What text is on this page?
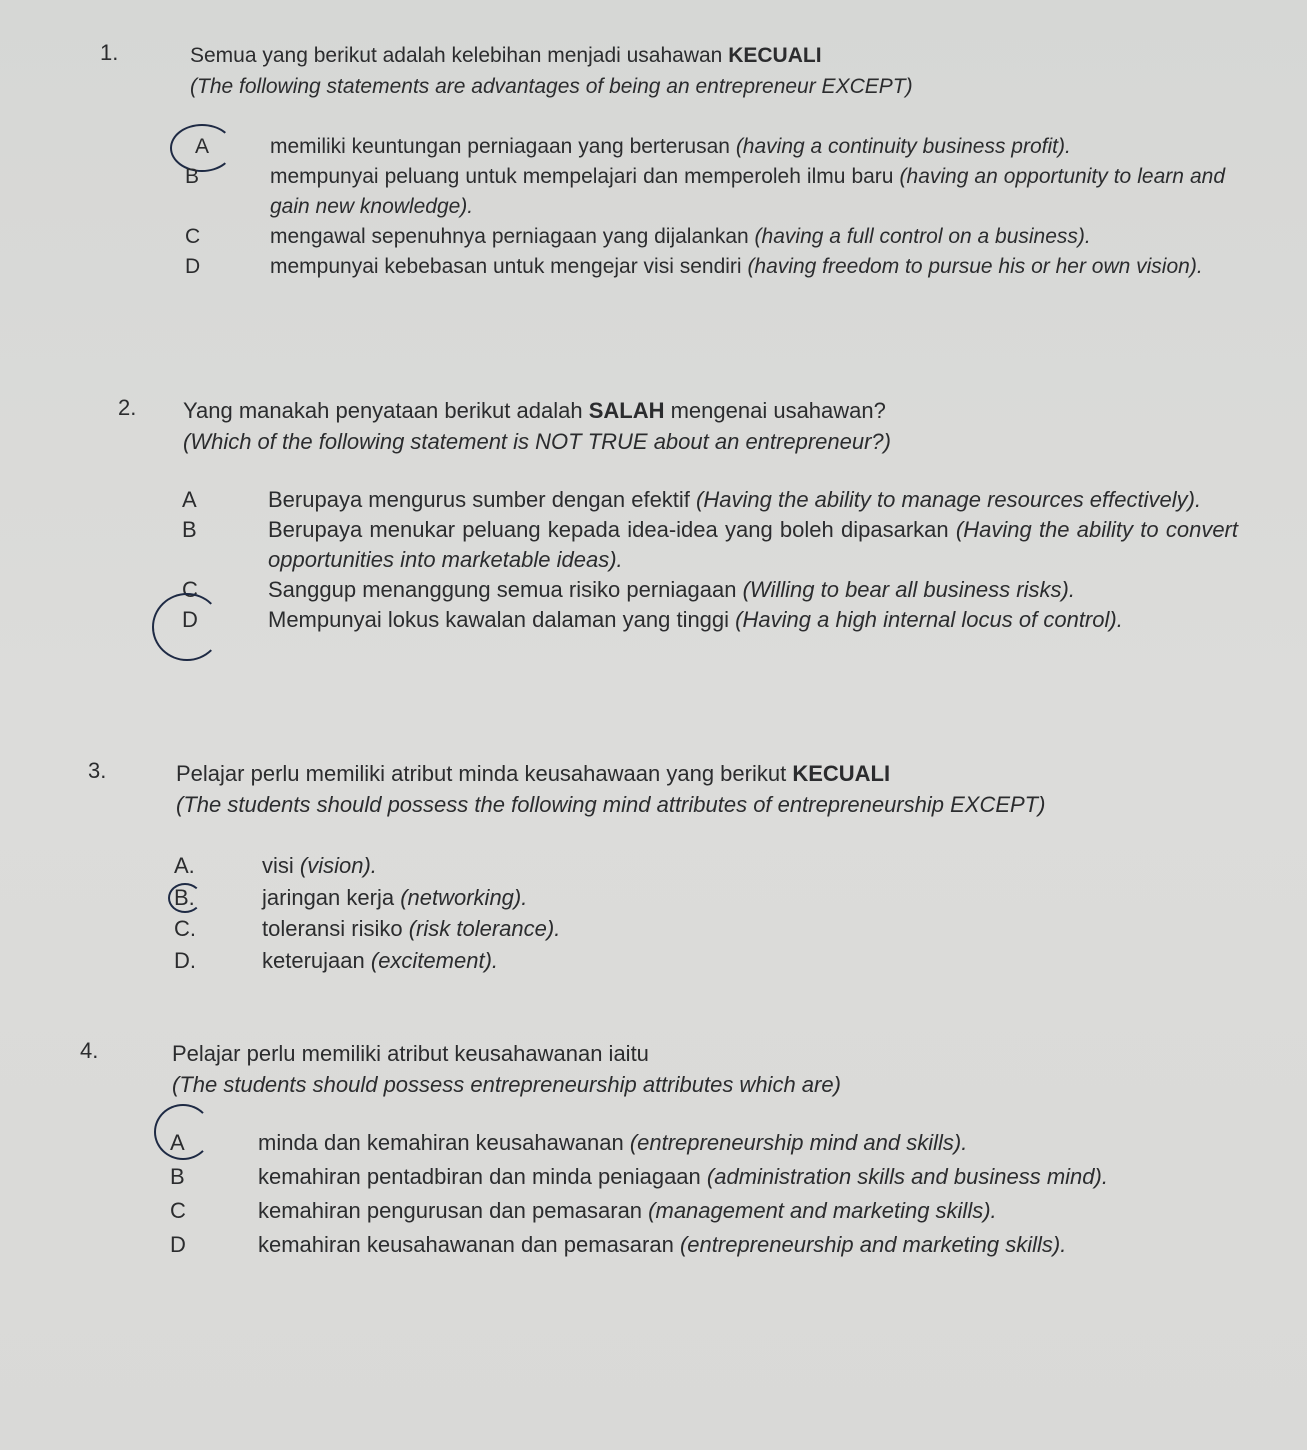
1.	Semua yang berikut adalah kelebihan menjadi usahawan KECUALI
(The following statements are advantages of being an entrepreneur EXCEPT)
A	memiliki keuntungan perniagaan yang berterusan (having a continuity business profit).
B	mempunyai peluang untuk mempelajari dan memperoleh ilmu baru (having an opportunity to learn and gain new knowledge).
C	mengawal sepenuhnya perniagaan yang dijalankan (having a full control on a business).
D	mempunyai kebebasan untuk mengejar visi sendiri (having freedom to pursue his or her own vision).
2. Yang manakah penyataan berikut adalah SALAH mengenai usahawan?
(Which of the following statement is NOT TRUE about an entrepreneur?)
A	Berupaya mengurus sumber dengan efektif (Having the ability to manage resources effectively).
B	Berupaya menukar peluang kepada idea-idea yang boleh dipasarkan (Having the ability to convert opportunities into marketable ideas).
C	Sanggup menanggung semua risiko perniagaan (Willing to bear all business risks).
D	Mempunyai lokus kawalan dalaman yang tinggi (Having a high internal locus of control).
3.	Pelajar perlu memiliki atribut minda keusahawaan yang berikut KECUALI
(The students should possess the following mind attributes of entrepreneurship EXCEPT)
A.	visi (vision).
B.	jaringan kerja (networking).
C.	toleransi risiko (risk tolerance).
D.	keterujaan (excitement).
4.	Pelajar perlu memiliki atribut keusahawanan iaitu
(The students should possess entrepreneurship attributes which are)
A	minda dan kemahiran keusahawanan (entrepreneurship mind and skills).
B	kemahiran pentadbiran dan minda peniagaan (administration skills and business mind).
C	kemahiran pengurusan dan pemasaran (management and marketing skills).
D	kemahiran keusahawanan dan pemasaran (entrepreneurship and marketing skills).
